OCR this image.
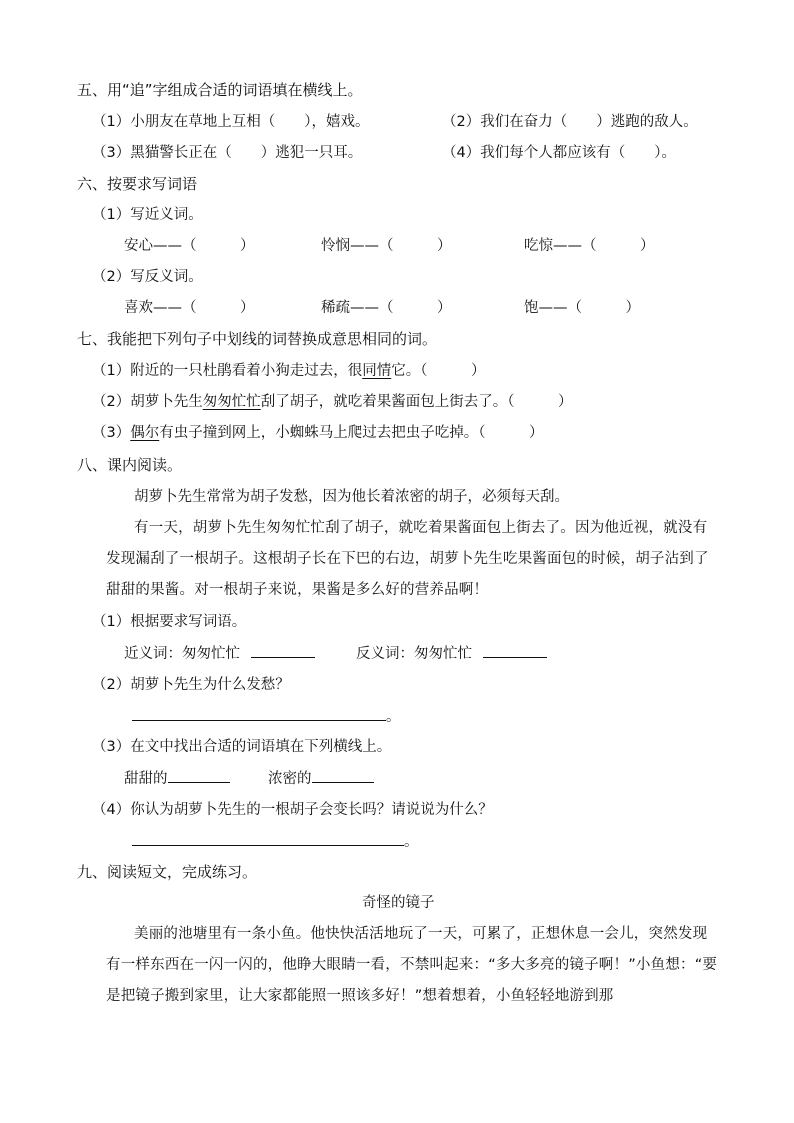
五、用“追”字组成合适的词语填在横线上。
（1）小朋友在草地上互相（　　），嬉戏。	（2）我们在奋力（　　）逃跑的敌人。
（3）黑猫警长正在（　　）逃犯一只耳。	（4）我们每个人都应该有（　　）。
六、按要求写词语
（1）写近义词。
安心——（　　　）	怜悯——（　　　）	吃惊——（　　　）
（2）写反义词。
喜欢——（　　　）	稀疏——（　　　）	饱——（　　　）
七、我能把下列句子中划线的词替换成意思相同的词。
（1）附近的一只杜鹃看着小狗走过去，很同情它。（　　　）
（2）胡萝卜先生匆匆忙忙刮了胡子，就吃着果酱面包上街去了。（　　　）
（3）偶尔有虫子撞到网上，小蜘蛛马上爬过去把虫子吃掉。（　　　）
八、课内阅读。
胡萝卜先生常常为胡子发愁，因为他长着浓密的胡子，必须每天刮。
有一天，胡萝卜先生匆匆忙忙刮了胡子，就吃着果酱面包上街去了。因为他近视，就没有发现漏刮了一根胡子。这根胡子长在下巴的右边，胡萝卜先生吃果酱面包的时候，胡子沾到了甜甜的果酱。对一根胡子来说，果酱是多么好的营养品啊！
（1）根据要求写词语。
近义词：匆匆忙忙	反义词：匆匆忙忙
（2）胡萝卜先生为什么发愁？
。
（3）在文中找出合适的词语填在下列横线上。
甜甜的	浓密的
（4）你认为胡萝卜先生的一根胡子会变长吗？请说说为什么？
。
九、阅读短文，完成练习。
奇怪的镜子
美丽的池塘里有一条小鱼。他快快活活地玩了一天，可累了，正想休息一会儿，突然发现有一样东西在一闪一闪的，他睁大眼睛一看，不禁叫起来：“多大多亮的镜子啊！”小鱼想：“要是把镜子搬到家里，让大家都能照一照该多好！”想着想着，小鱼轻轻地游到那
